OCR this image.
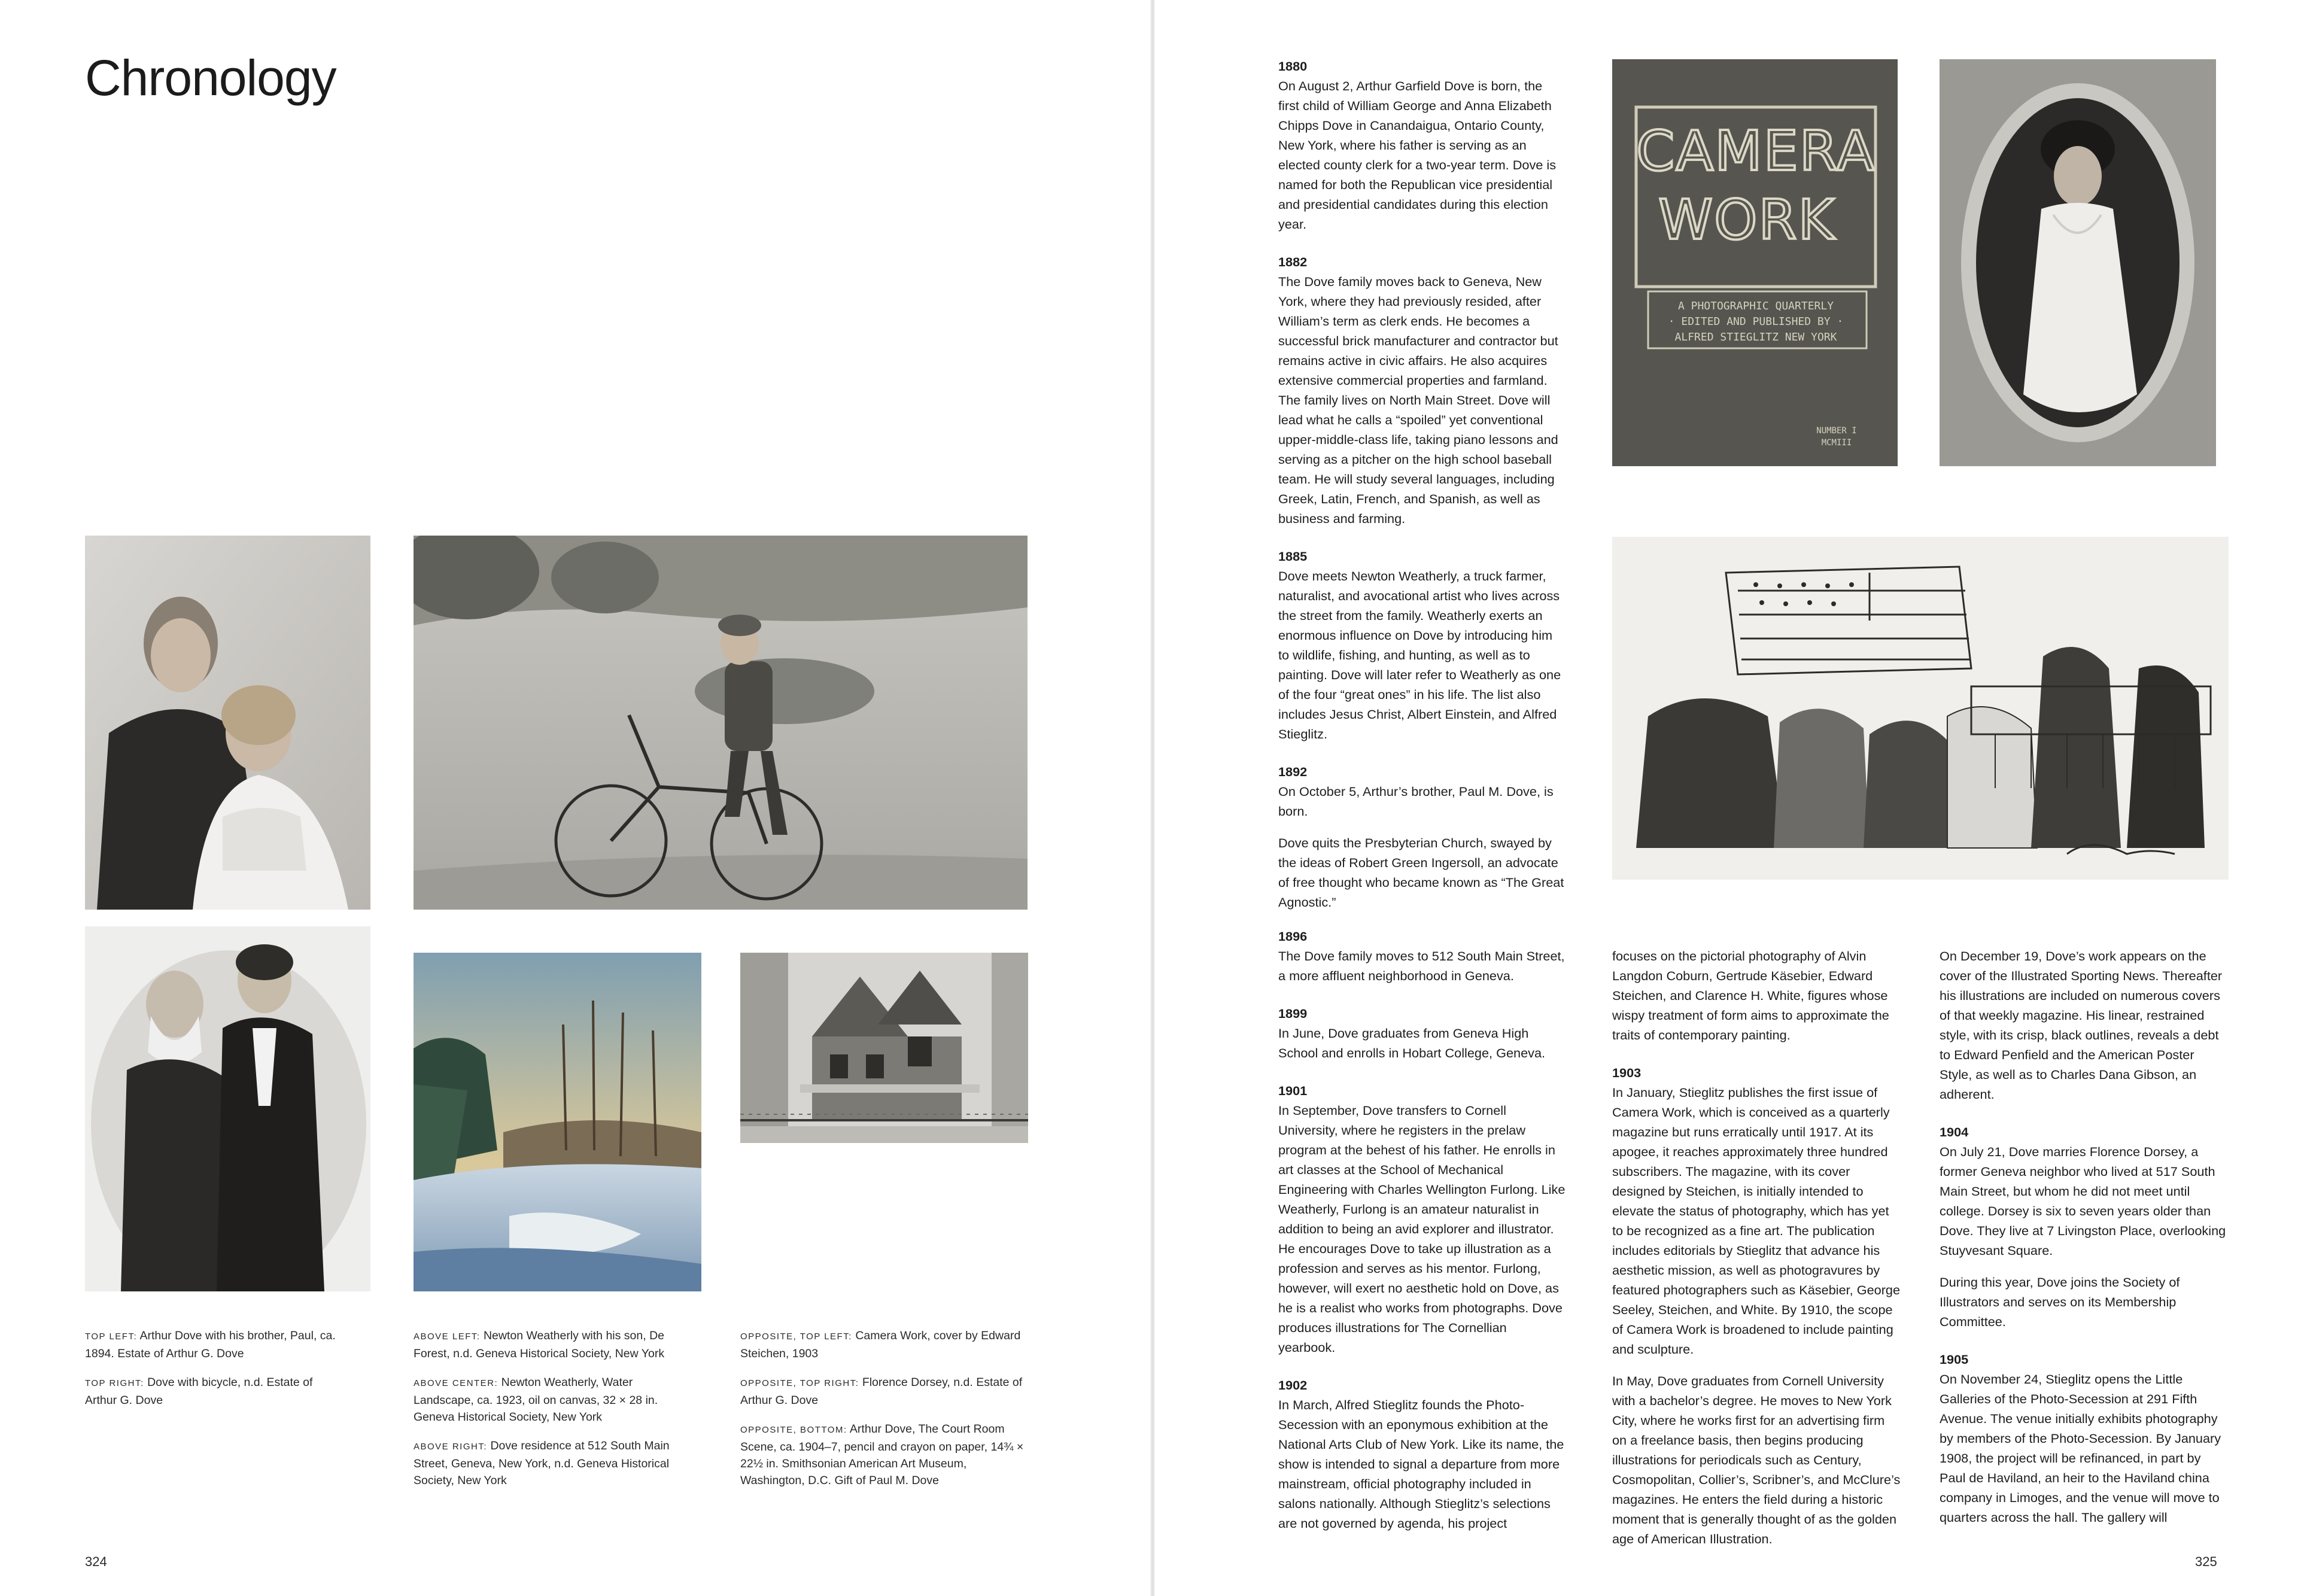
Chronology

TOP LEFT: Arthur Dove with his brother, Paul, ca. 1894. Estate of Arthur G. Dove

TOP RIGHT: Dove with bicycle, n.d. Estate of Arthur G. Dove

ABOVE LEFT: Newton Weatherly with his son, De Forest, n.d. Geneva Historical Society, New York

ABOVE CENTER: Newton Weatherly, Water Landscape, ca. 1923, oil on canvas, 32 × 28 in. Geneva Historical Society, New York

ABOVE RIGHT: Dove residence at 512 South Main Street, Geneva, New York, n.d. Geneva Historical Society, New York

OPPOSITE, TOP LEFT: Camera Work, cover by Edward Steichen, 1903

OPPOSITE, TOP RIGHT: Florence Dorsey, n.d. Estate of Arthur G. Dove

OPPOSITE, BOTTOM: Arthur Dove, The Court Room Scene, ca. 1904–7, pencil and crayon on paper, 14¾ × 22½ in. Smithsonian American Art Museum, Washington, D.C. Gift of Paul M. Dove

324
CAMERA
WORK
A PHOTOGRAPHIC QUARTERLY
· EDITED AND PUBLISHED BY ·
ALFRED STIEGLITZ NEW YORK
NUMBER I
MCMIII

1880

On August 2, Arthur Garfield Dove is born, the first child of William George and Anna Elizabeth Chipps Dove in Canandaigua, Ontario County, New York, where his father is serving as an elected county clerk for a two-year term. Dove is named for both the Republican vice presidential and presidential candidates during this election year.

1882

The Dove family moves back to Geneva, New York, where they had previously resided, after William’s term as clerk ends. He becomes a successful brick manufacturer and contractor but remains active in civic affairs. He also acquires extensive commercial properties and farmland. The family lives on North Main Street. Dove will lead what he calls a “spoiled” yet conventional upper-middle-class life, taking piano lessons and serving as a pitcher on the high school baseball team. He will study several languages, including Greek, Latin, French, and Spanish, as well as business and farming.

1885

Dove meets Newton Weatherly, a truck farmer, naturalist, and avocational artist who lives across the street from the family. Weatherly exerts an enormous influence on Dove by introducing him to wildlife, fishing, and hunting, as well as to painting. Dove will later refer to Weatherly as one of the four “great ones” in his life. The list also includes Jesus Christ, Albert Einstein, and Alfred Stieglitz.

1892

On October 5, Arthur’s brother, Paul M. Dove, is born.

Dove quits the Presbyterian Church, swayed by the ideas of Robert Green Ingersoll, an advocate of free thought who became known as “The Great Agnostic.”

1896

The Dove family moves to 512 South Main Street, a more affluent neighborhood in Geneva.

1899

In June, Dove graduates from Geneva High School and enrolls in Hobart College, Geneva.

1901

In September, Dove transfers to Cornell University, where he registers in the prelaw program at the behest of his father. He enrolls in art classes at the School of Mechanical Engineering with Charles Wellington Furlong. Like Weatherly, Furlong is an amateur naturalist in addition to being an avid explorer and illustrator. He encourages Dove to take up illustration as a profession and serves as his mentor. Furlong, however, will exert no aesthetic hold on Dove, as he is a realist who works from photographs. Dove produces illustrations for The Cornellian yearbook.

1902

In March, Alfred Stieglitz founds the Photo-Secession with an eponymous exhibition at the National Arts Club of New York. Like its name, the show is intended to signal a departure from more mainstream, official photography included in salons nationally. Although Stieglitz’s selections are not governed by agenda, his project

focuses on the pictorial photography of Alvin Langdon Coburn, Gertrude Käsebier, Edward Steichen, and Clarence H. White, figures whose wispy treatment of form aims to approximate the traits of contemporary painting.

1903

In January, Stieglitz publishes the first issue of Camera Work, which is conceived as a quarterly magazine but runs erratically until 1917. At its apogee, it reaches approximately three hundred subscribers. The magazine, with its cover designed by Steichen, is initially intended to elevate the status of photography, which has yet to be recognized as a fine art. The publication includes editorials by Stieglitz that advance his aesthetic mission, as well as photogravures by featured photographers such as Käsebier, George Seeley, Steichen, and White. By 1910, the scope of Camera Work is broadened to include painting and sculpture.

In May, Dove graduates from Cornell University with a bachelor’s degree. He moves to New York City, where he works first for an advertising firm on a freelance basis, then begins producing illustrations for periodicals such as Century, Cosmopolitan, Collier’s, Scribner’s, and McClure’s magazines. He enters the field during a historic moment that is generally thought of as the golden age of American Illustration.

On December 19, Dove’s work appears on the cover of the Illustrated Sporting News. Thereafter his illustrations are included on numerous covers of that weekly magazine. His linear, restrained style, with its crisp, black outlines, reveals a debt to Edward Penfield and the American Poster Style, as well as to Charles Dana Gibson, an adherent.

1904

On July 21, Dove marries Florence Dorsey, a former Geneva neighbor who lived at 517 South Main Street, but whom he did not meet until college. Dorsey is six to seven years older than Dove. They live at 7 Livingston Place, overlooking Stuyvesant Square.

During this year, Dove joins the Society of Illustrators and serves on its Membership Committee.

1905

On November 24, Stieglitz opens the Little Galleries of the Photo-Secession at 291 Fifth Avenue. The venue initially exhibits photography by members of the Photo-Secession. By January 1908, the project will be refinanced, in part by Paul de Haviland, an heir to the Haviland china company in Limoges, and the venue will move to quarters across the hall. The gallery will

325
